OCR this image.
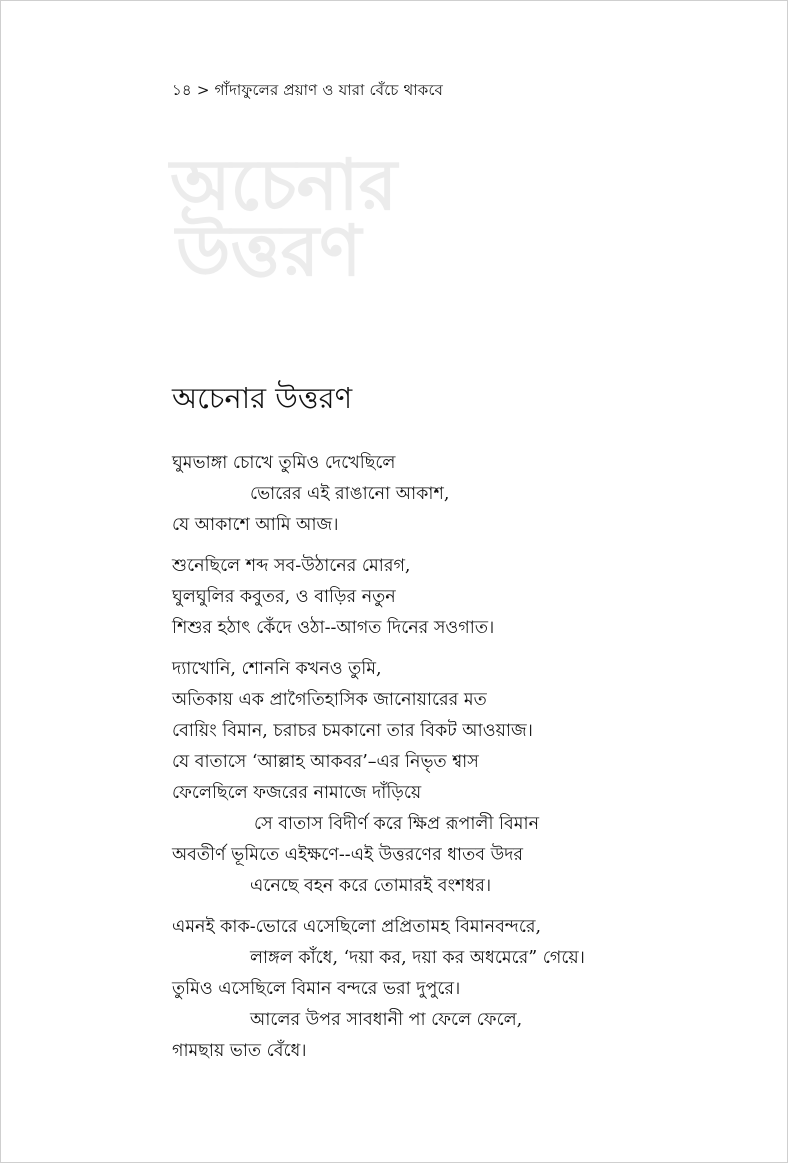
১৪ > গাঁদাফুলের প্রয়াণ ও যারা বেঁচে থাকবে
অচেনার
উত্তরণ
অচেনার উত্তরণ
ঘুমভাঙ্গা চোখে তুমিও দেখেছিলে
ভোরের এই রাঙানো আকাশ,
যে আকাশে আমি আজ।
শুনেছিলে শব্দ সব-উঠানের মোরগ,
ঘুলঘুলির কবুতর, ও বাড়ির নতুন
শিশুর হঠাৎ কেঁদে ওঠা--আগত দিনের সওগাত।
দ্যাখোনি, শোননি কখনও তুমি,
অতিকায় এক প্রাগৈতিহাসিক জানোয়ারের মত
বোয়িং বিমান, চরাচর চমকানো তার বিকট আওয়াজ।
যে বাতাসে ‘আল্লাহ আকবর’–এর নিভৃত শ্বাস
ফেলেছিলে ফজরের নামাজে দাঁড়িয়ে
সে বাতাস বিদীর্ণ করে ক্ষিপ্র রূপালী বিমান
অবতীর্ণ ভূমিতে এইক্ষণে--এই উত্তরণের ধাতব উদর
এনেছে বহন করে তোমারই বংশধর।
এমনই কাক-ভোরে এসেছিলো প্রপ্রিতামহ বিমানবন্দরে,
লাঙ্গল কাঁধে, ‘দয়া কর, দয়া কর অধমেরে” গেয়ে।
তুমিও এসেছিলে বিমান বন্দরে ভরা দুপুরে।
আলের উপর সাবধানী পা ফেলে ফেলে,
গামছায় ভাত বেঁধে।
